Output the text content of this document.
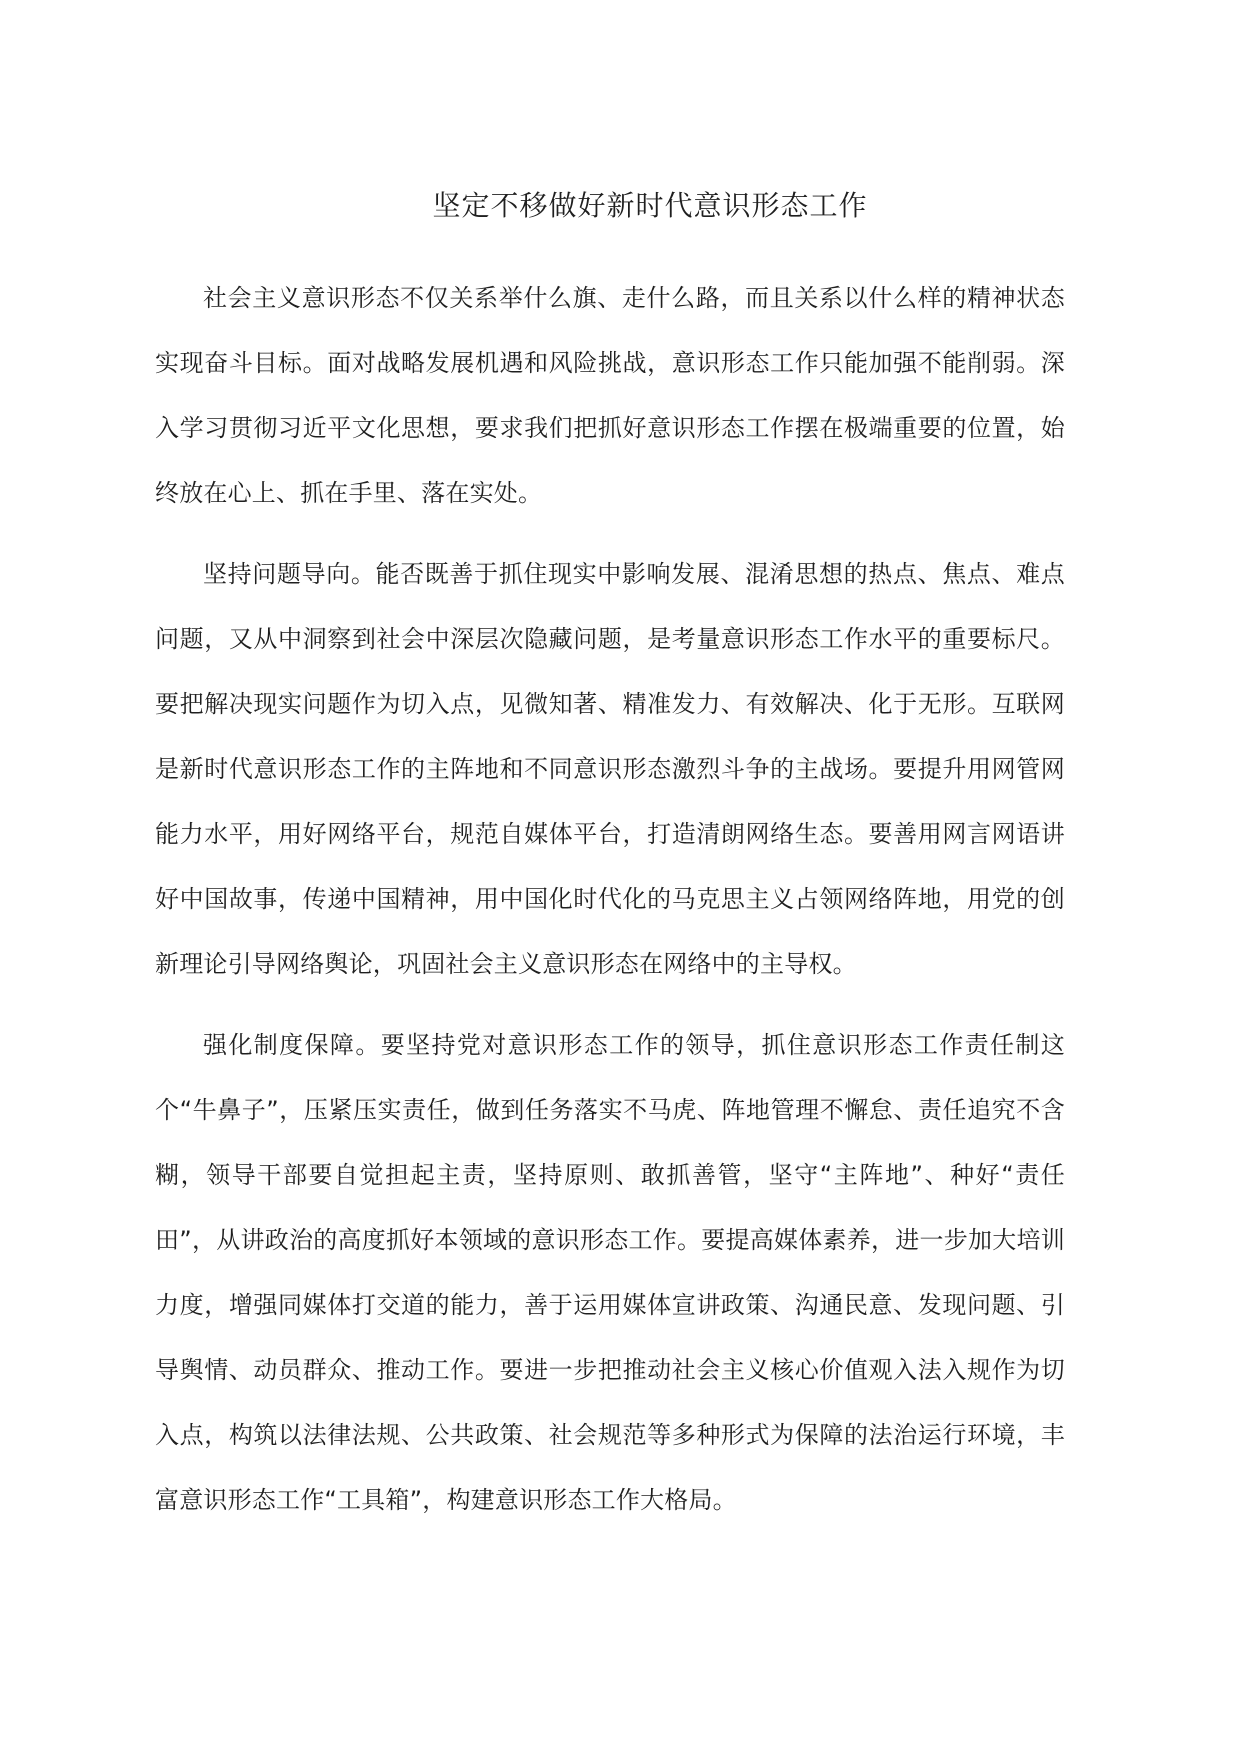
坚定不移做好新时代意识形态工作

社会主义意识形态不仅关系举什么旗、走什么路，而且关系以什么样的精神状态实现奋斗目标。面对战略发展机遇和风险挑战，意识形态工作只能加强不能削弱。深入学习贯彻习近平文化思想，要求我们把抓好意识形态工作摆在极端重要的位置，始终放在心上、抓在手里、落在实处。

坚持问题导向。能否既善于抓住现实中影响发展、混淆思想的热点、焦点、难点问题，又从中洞察到社会中深层次隐藏问题，是考量意识形态工作水平的重要标尺。要把解决现实问题作为切入点，见微知著、精准发力、有效解决、化于无形。互联网是新时代意识形态工作的主阵地和不同意识形态激烈斗争的主战场。要提升用网管网能力水平，用好网络平台，规范自媒体平台，打造清朗网络生态。要善用网言网语讲好中国故事，传递中国精神，用中国化时代化的马克思主义占领网络阵地，用党的创新理论引导网络舆论，巩固社会主义意识形态在网络中的主导权。

强化制度保障。要坚持党对意识形态工作的领导，抓住意识形态工作责任制这个“牛鼻子”，压紧压实责任，做到任务落实不马虎、阵地管理不懈怠、责任追究不含糊，领导干部要自觉担起主责，坚持原则、敢抓善管，坚守“主阵地”、种好“责任田”，从讲政治的高度抓好本领域的意识形态工作。要提高媒体素养，进一步加大培训力度，增强同媒体打交道的能力，善于运用媒体宣讲政策、沟通民意、发现问题、引导舆情、动员群众、推动工作。要进一步把推动社会主义核心价值观入法入规作为切入点，构筑以法律法规、公共政策、社会规范等多种形式为保障的法治运行环境，丰富意识形态工作“工具箱”，构建意识形态工作大格局。
